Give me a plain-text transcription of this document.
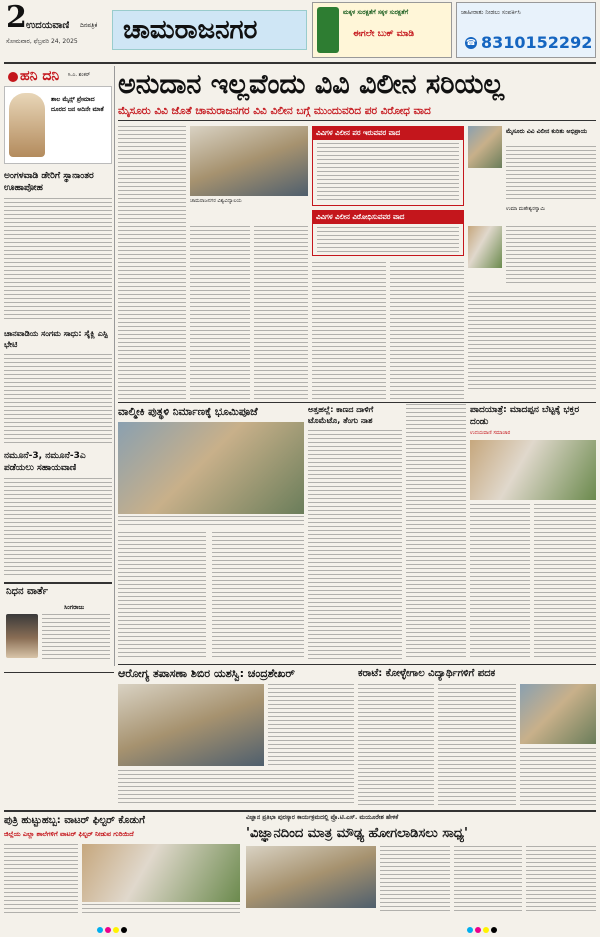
2 ಉದಯವಾಣಿ ದಿನಪತ್ರಿಕೆ
ಸೋಮವಾರ, ಫೆಬ್ರವರಿ 24, 2025 ಚಾಮರಾಜನಗರ
ಮಕ್ಕಳ ಸುರಕ್ಷತೆಗೆ ಸಕ್ಕಳ ಸುರಕ್ಷತೆಗೆ
ಈಗಲೇ ಬುಕ್ ಮಾಡಿ
ಜಾಹೀರಾತು ನೀಡಲು ಸಂಪರ್ಕಿಸಿ
☎ 8310152292
ಹನಿ ದನಿ ಸಿ.ಎ. ಶಂಕರ್
ಶಾಲ ಮೈನ್ಸ್ ಪ್ರೇಮಾದ ದೂರದ ಜನ ಅದಿನೇ ಮಾತೆ
ಅಂಗಳವಾಡಿ ಡೇರಿಗೆ ಸ್ಥಾನಾಂತರ ಊಹಾಪೋಹ
ಚಾನವಾಡಿಯ ಸಂಗಮ ಸಾಧು: ಸೈಕ್ಲಿ ಎಸ್ಪಿ ಭೇಟಿ
ನಮೂನೆ-3, ನಮೂನೆ-3ಎ ಪಡೆಯಲು ಸಹಾಯವಾಣಿ
ನಿಧನ ವಾರ್ತೆ
ಸಿಂಗರಾಜು
ಅನುದಾನ ಇಲ್ಲವೆಂದು ವಿವಿ ವಿಲೀನ ಸರಿಯಲ್ಲ
ಮೈಸೂರು ವಿವಿ ಜೊತೆ ಚಾಮರಾಜನಗರ ವಿವಿ ವಿಲೀನ ಬಗ್ಗೆ ಮುಂದುವರಿದ ಪರ ವಿರೋಧ ವಾದ
ಚಾಮರಾಜನಗರ ವಿಶ್ವವಿದ್ಯಾಲಯ
ವಿವಿಗಳ ವಿಲೀನ ಪರ ಇರುವವರ ವಾದ
ವಿವಿಗಳ ವಿಲೀನ ವಿರೋಧಿಸುವವರ ವಾದ
ಮೈಸೂರು ವಿವಿ ವಿಲೀನ ಕುರಿತು ಅಭಿಪ್ರಾಯ
ಉಮಾ ಮಹೇಶ್ವರಸ್ವಾಮಿ
ವಾಲ್ಮೀಕಿ ಪುತ್ಥಳಿ ನಿರ್ಮಾಣಕ್ಕೆ ಭೂಮಿಪೂಜೆ	ಅತ್ತಹಲ್ಲೆ: ಕಾಣದ ದಾಳಿಗೆ ಟೊಮೆಟೊ, ತೆಂಗು ನಾಶ
ಪಾದಯಾತ್ರೆ: ಮಾದಪ್ಪನ ಬೆಟ್ಟಕ್ಕೆ ಭಕ್ತರ ದಂಡು
ಉದಯವಾಣಿ ಸಮಾಚಾರ
ಆರೋಗ್ಯ ತಪಾಸಣಾ ಶಿಬಿರ ಯಶಸ್ವಿ: ಚಂದ್ರಶೇಖರ್	ಕರಾಟೆ: ಕೋಳ್ಳೇಗಾಲ ವಿದ್ಯಾರ್ಥಿಗಳಿಗೆ ಪದಕ
ಪುತ್ರಿ ಹುಟ್ಟುಹಬ್ಬ: ವಾಟರ್ ಫಿಲ್ಟರ್ ಕೊಡುಗೆ
ಜಿಲ್ಲೆಯ ಎಲ್ಲಾ ಶಾಲೆಗಳಿಗೆ ವಾಟರ್ ಫಿಲ್ಟರ್ ನೀಡುವ ಗುರಿಯಿದೆ
ವಿಜ್ಞಾನ ಪ್ರತಿಭಾ ಪುರಸ್ಕಾರ ಕಾರ್ಯಕ್ರಮದಲ್ಲಿ ಪ್ರೊ.ಟಿ.ಎಸ್. ಮಯೂರೇಶ ಹೇಳಿಕೆ
'ವಿಜ್ಞಾನದಿಂದ ಮಾತ್ರ ಮೌಢ್ಯ ಹೋಗಲಾಡಿಸಲು ಸಾಧ್ಯ'
